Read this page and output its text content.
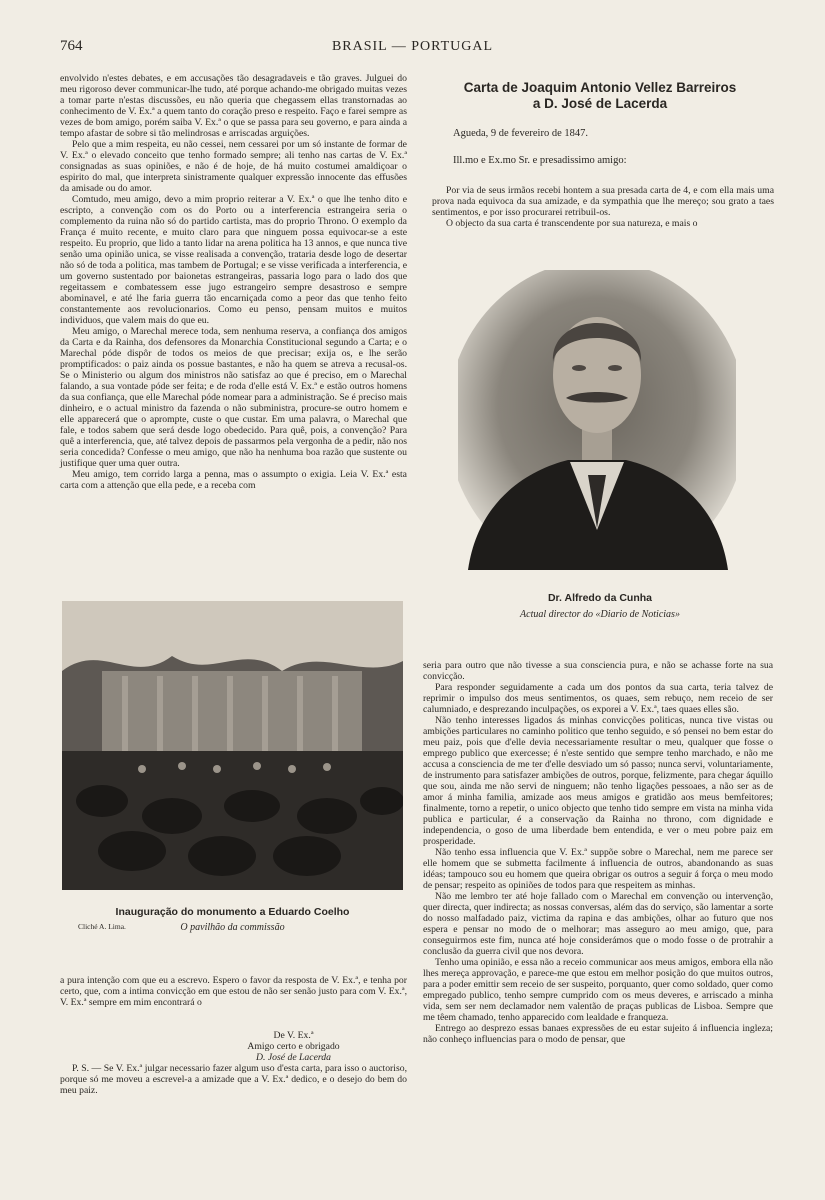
764	BRASIL — PORTUGAL

envolvido n'estes debates, e em accusações tão desagradaveis e tão graves. Julguei do meu rigoroso dever communicar-lhe tudo, até porque achando-me obrigado muitas vezes a tomar parte n'estas discussões, eu não queria que chegassem ellas transtornadas ao conhecimento de V. Ex.ª a quem tanto do coração preso e respeito. Faço e farei sempre as vezes de bom amigo, porém saiba V. Ex.ª o que se passa para seu governo, e para ainda a tempo afastar de sobre si tão melindrosas e arriscadas arguições.

Pelo que a mim respeita, eu não cessei, nem cessarei por um só instante de formar de V. Ex.ª o elevado conceito que tenho formado sempre; ali tenho nas cartas de V. Ex.ª consignadas as suas opiniões, e não é de hoje, de há muito costumei amaldiçoar o espirito do mal, que interpreta sinistramente qualquer expressão innocente das effusões da amisade ou do amor.

Comtudo, meu amigo, devo a mim proprio reiterar a V. Ex.ª o que lhe tenho dito e escripto, a convenção com os do Porto ou a interferencia estrangeira seria o complemento da ruina não só do partido cartista, mas do proprio Throno. O exemplo da França é muito recente, e muito claro para que ninguem possa equivocar-se a este respeito. Eu proprio, que lido a tanto lidar na arena politica ha 13 annos, e que nunca tive senão uma opinião unica, se visse realisada a convenção, trataria desde logo de desertar não só de toda a politica, mas tambem de Portugal; e se visse verificada a interferencia, e um governo sustentado por baionetas estrangeiras, passaria logo para o lado dos que regeitassem e combatessem esse jugo estrangeiro sempre desastroso e sempre abominavel, e até lhe faria guerra tão encarniçada como a peor das que tenho feito constantemente aos revolucionarios. Como eu penso, pensam muitos e muitos individuos, que valem mais do que eu.

Meu amigo, o Marechal merece toda, sem nenhuma reserva, a confiança dos amigos da Carta e da Rainha, dos defensores da Monarchia Constitucional segundo a Carta; e o Marechal póde dispôr de todos os meios de que precisar; exija os, e lhe serão promptificados: o paiz ainda os possue bastantes, e não ha quem se atreva a recusal-os. Se o Ministerio ou algum dos ministros não satisfaz ao que é preciso, em o Marechal falando, a sua vontade póde ser feita; e de roda d'elle está V. Ex.ª e estão outros homens da sua confiança, que elle Marechal póde nomear para a administração. Se é preciso mais dinheiro, e o actual ministro da fazenda o não subministra, procure-se outro homem e elle apparecerá que o apromptе, custe o que custar. Em uma palavra, o Marechal que fale, e todos sabem que será desde logo obedecido. Para quê, pois, a convenção? Para quê a interferencia, que, até talvez depois de passarmos pela vergonha de a pedir, não nos seria concedida? Confesse o meu amigo, que não ha nenhuma boa razão que sustente ou justifique quer uma quer outra.

Meu amigo, tem corrido larga a penna, mas o assumpto o exigia. Leia V. Ex.ª esta carta com a attenção que ella pede, e a receba com

Carta de Joaquim Antonio Vellez Barreiros
a D. José de Lacerda
Agueda, 9 de fevereiro de 1847.
Ill.mo e Ex.mo Sr. e presadissimo amigo:

Por via de seus irmãos recebi hontem a sua presada carta de 4, e com ella mais uma prova nada equivoca da sua amizade, e da sympathia que lhe mereço; sou grato a taes sentimentos, e por isso procurarei retribuil-os.

O objecto da sua carta é transcendente por sua natureza, e mais o

Dr. Alfredo da Cunha
Actual director do «Diario de Noticias»
Inauguração do monumento a Eduardo Coelho
Cliché A. Lima.	O pavilhão da commissão

a pura intenção com que eu a escrevo. Espero o favor da resposta de V. Ex.ª, e tenha por certo, que, com a intima convicção em que estou de não ser senão justo para com V. Ex.ª, V. Ex.ª sempre em mim encontrará o

De V. Ex.ª
Amigo certo e obrigado
D. José de Lacerda

P. S. — Se V. Ex.ª julgar necessario fazer algum uso d'esta carta, para isso o auctoriso, porque só me moveu a escrevel-a a amizade que a V. Ex.ª dedico, e o desejo do bem do meu paiz.

seria para outro que não tivesse a sua consciencia pura, e não se achasse forte na sua convicção.

Para responder seguidamente a cada um dos pontos da sua carta, teria talvez de reprimir o impulso dos meus sentimentos, os quaes, sem rebuço, nem receio de ser calumniado, e desprezando inculpações, os exporei a V. Ex.ª, taes quaes elles são.

Não tenho interesses ligados ás minhas convicções politicas, nunca tive vistas ou ambições particulares no caminho politico que tenho seguido, e só pensei no bem estar do meu paiz, pois que d'elle devia necessariamente resultar o meu, qualquer que fosse o emprego publico que exercesse; é n'este sentido que sempre tenho marchado, e não me accusa a consciencia de me ter d'elle desviado um só passo; nunca servi, voluntariamente, de instrumento para satisfazer ambições de outros, porque, felizmente, para chegar áquillo que sou, ainda me não servi de ninguem; não tenho ligações pessoaes, a não ser as de amor á minha familia, amizade aos meus amigos e gratidão aos meus bemfeitores; finalmente, torno a repetir, o unico objecto que tenho tido sempre em vista na minha vida publica e particular, é a conservação da Rainha no throno, com dignidade e independencia, o goso de uma liberdade bem entendida, e ver o meu pobre paiz em prosperidade.

Não tenho essa influencia que V. Ex.ª suppõe sobre o Marechal, nem me parece ser elle homem que se submetta facilmente á influencia de outros, abandonando as suas idéas; tampouco sou eu homem que queira obrigar os outros a seguir á força o meu modo de pensar; respeito as opiniões de todos para que respeitem as minhas.

Não me lembro ter até hoje fallado com o Marechal em convenção ou intervenção, quer directa, quer indirecta; as nossas conversas, além das do serviço, são lamentar a sorte do nosso malfadado paiz, victima da rapina e das ambições, olhar ao futuro que nos espera e pensar no modo de o melhorar; mas asseguro ao meu amigo, que, para conseguirmos este fim, nunca até hoje considerámos que o modo fosse o de protrahir a conclusão da guerra civil que nos devora.

Tenho uma opinião, e essa não a receio communicar aos meus amigos, embora ella não lhes mereça approvação, e parece-me que estou em melhor posição do que muitos outros, para a poder emittir sem receio de ser suspeito, porquanto, quer como soldado, quer como empregado publico, tenho sempre cumprido com os meus deveres, e arriscado a minha vida, sem ser nem declamador nem valentão de praças publicas de Lisboa. Sempre que me têem chamado, tenho apparecido com lealdade e franqueza.

Entrego ao desprezo essas banaes expressões de eu estar sujeito á influencia ingleza; não conheço influencias para o modo de pensar, que
